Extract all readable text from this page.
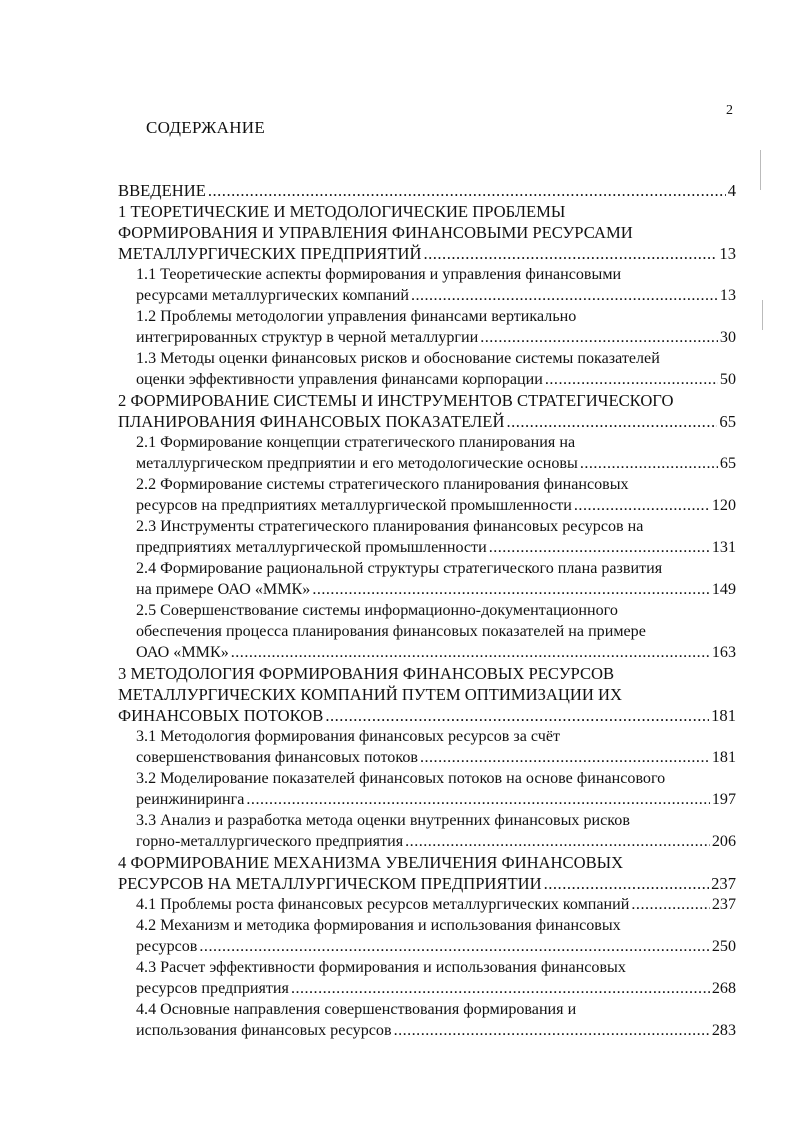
2
СОДЕРЖАНИЕ
ВВЕДЕНИЕ .....	4
1 ТЕОРЕТИЧЕСКИЕ И МЕТОДОЛОГИЧЕСКИЕ ПРОБЛЕМЫ
ФОРМИРОВАНИЯ И УПРАВЛЕНИЯ ФИНАНСОВЫМИ РЕСУРСАМИ
МЕТАЛЛУРГИЧЕСКИХ ПРЕДПРИЯТИЙ .....	13
1.1 Теоретические аспекты формирования и управления финансовыми
ресурсами металлургических компаний .....	13
1.2 Проблемы методологии управления финансами вертикально
интегрированных структур в черной металлургии .....	30
1.3 Методы оценки финансовых рисков и обоснование системы показателей
оценки эффективности управления финансами корпорации .....	50
2 ФОРМИРОВАНИЕ СИСТЕМЫ И ИНСТРУМЕНТОВ СТРАТЕГИЧЕСКОГО
ПЛАНИРОВАНИЯ ФИНАНСОВЫХ ПОКАЗАТЕЛЕЙ .....	65
2.1 Формирование концепции стратегического планирования на
металлургическом предприятии и его методологические основы .....	65
2.2 Формирование системы стратегического планирования финансовых
ресурсов на предприятиях металлургической промышленности .....	120
2.3 Инструменты стратегического планирования финансовых ресурсов на
предприятиях металлургической промышленности .....	131
2.4 Формирование рациональной структуры стратегического плана развития
на примере ОАО «ММК» .....	149
2.5 Совершенствование системы информационно-документационного
обеспечения процесса планирования финансовых показателей на примере
ОАО «ММК» .....	163
3 МЕТОДОЛОГИЯ ФОРМИРОВАНИЯ ФИНАНСОВЫХ РЕСУРСОВ
МЕТАЛЛУРГИЧЕСКИХ КОМПАНИЙ ПУТЕМ ОПТИМИЗАЦИИ ИХ
ФИНАНСОВЫХ ПОТОКОВ .....	181
3.1 Методология формирования финансовых ресурсов за счёт
совершенствования финансовых потоков .....	181
3.2 Моделирование показателей финансовых потоков на основе финансового
реинжиниринга .....	197
3.3 Анализ и разработка метода оценки внутренних финансовых рисков
горно-металлургического предприятия .....	206
4 ФОРМИРОВАНИЕ МЕХАНИЗМА УВЕЛИЧЕНИЯ ФИНАНСОВЫХ
РЕСУРСОВ НА МЕТАЛЛУРГИЧЕСКОМ ПРЕДПРИЯТИИ .....	237
4.1 Проблемы роста финансовых ресурсов металлургических компаний .....	237
4.2 Механизм и методика формирования и использования финансовых
ресурсов .....	250
4.3 Расчет эффективности формирования и использования финансовых
ресурсов предприятия .....	268
4.4 Основные направления совершенствования формирования и
использования финансовых ресурсов .....	283
